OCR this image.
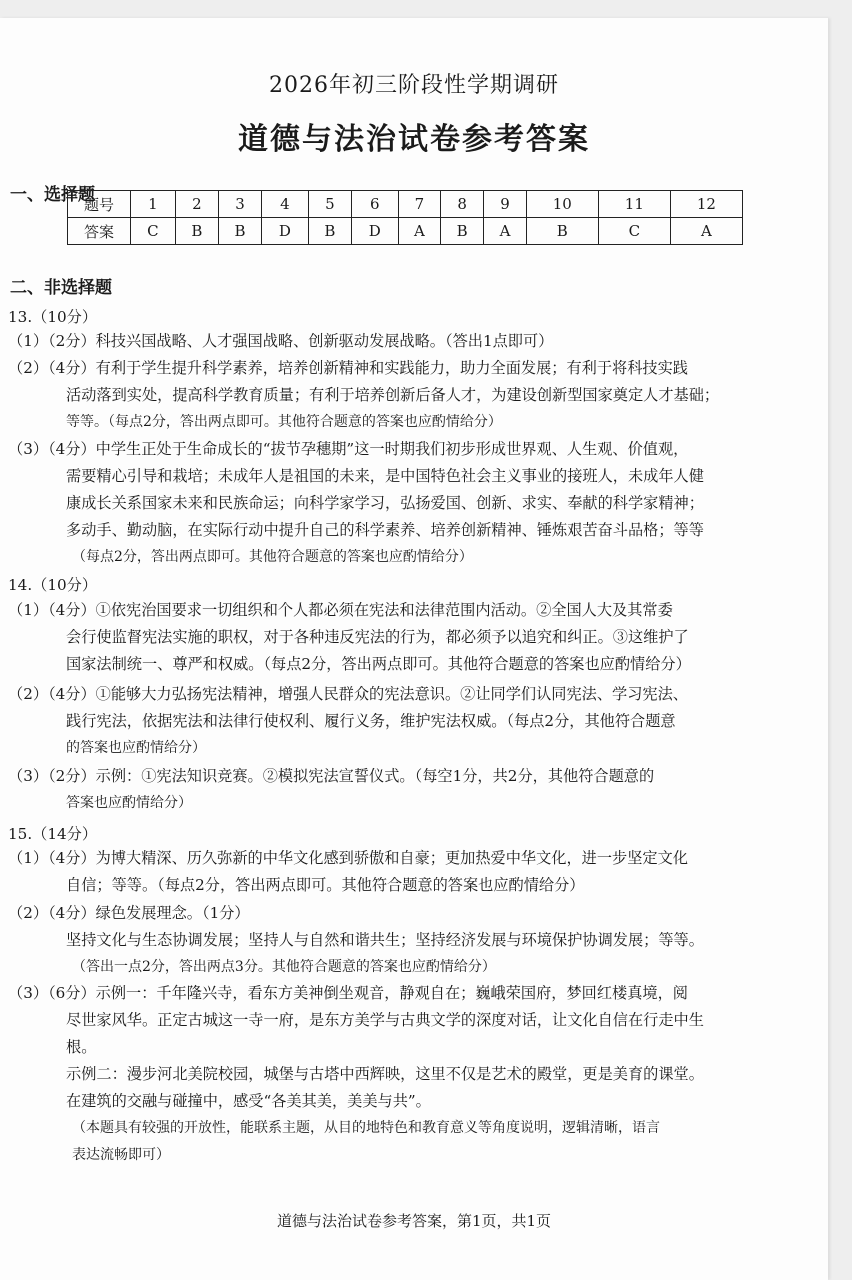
2026年初三阶段性学期调研
道德与法治试卷参考答案
一、选择题
题号	1	2	3	4	5	6	7	8	9	10	11	12
答案	C	B	B	D	B	D	A	B	A	B	C	A
二、非选择题
13.（10分）
（1）（2分）科技兴国战略、人才强国战略、创新驱动发展战略。（答出1点即可）
（2）（4分）有利于学生提升科学素养，培养创新精神和实践能力，助力全面发展；有利于将科技实践
活动落到实处，提高科学教育质量；有利于培养创新后备人才，为建设创新型国家奠定人才基础；
等等。（每点2分，答出两点即可。其他符合题意的答案也应酌情给分）
（3）（4分）中学生正处于生命成长的“拔节孕穗期”这一时期我们初步形成世界观、人生观、价值观，
需要精心引导和栽培；未成年人是祖国的未来，是中国特色社会主义事业的接班人，未成年人健
康成长关系国家未来和民族命运；向科学家学习，弘扬爱国、创新、求实、奉献的科学家精神；
多动手、勤动脑，在实际行动中提升自己的科学素养、培养创新精神、锤炼艰苦奋斗品格；等等
（每点2分，答出两点即可。其他符合题意的答案也应酌情给分）
14.（10分）
（1）（4分）①依宪治国要求一切组织和个人都必须在宪法和法律范围内活动。②全国人大及其常委
会行使监督宪法实施的职权，对于各种违反宪法的行为，都必须予以追究和纠正。③这维护了
国家法制统一、尊严和权威。（每点2分，答出两点即可。其他符合题意的答案也应酌情给分）
（2）（4分）①能够大力弘扬宪法精神，增强人民群众的宪法意识。②让同学们认同宪法、学习宪法、
践行宪法，依据宪法和法律行使权利、履行义务，维护宪法权威。（每点2分，其他符合题意
的答案也应酌情给分）
（3）（2分）示例：①宪法知识竞赛。②模拟宪法宣誓仪式。（每空1分，共2分，其他符合题意的
答案也应酌情给分）
15.（14分）
（1）（4分）为博大精深、历久弥新的中华文化感到骄傲和自豪；更加热爱中华文化，进一步坚定文化
自信；等等。（每点2分，答出两点即可。其他符合题意的答案也应酌情给分）
（2）（4分）绿色发展理念。（1分）
坚持文化与生态协调发展；坚持人与自然和谐共生；坚持经济发展与环境保护协调发展；等等。
（答出一点2分，答出两点3分。其他符合题意的答案也应酌情给分）
（3）（6分）示例一：千年隆兴寺，看东方美神倒坐观音，静观自在；巍峨荣国府，梦回红楼真境，阅
尽世家风华。正定古城这一寺一府，是东方美学与古典文学的深度对话，让文化自信在行走中生
根。
示例二：漫步河北美院校园，城堡与古塔中西辉映，这里不仅是艺术的殿堂，更是美育的课堂。
在建筑的交融与碰撞中，感受“各美其美，美美与共”。
（本题具有较强的开放性，能联系主题，从目的地特色和教育意义等角度说明，逻辑清晰，语言
表达流畅即可）
道德与法治试卷参考答案，第1页，共1页
